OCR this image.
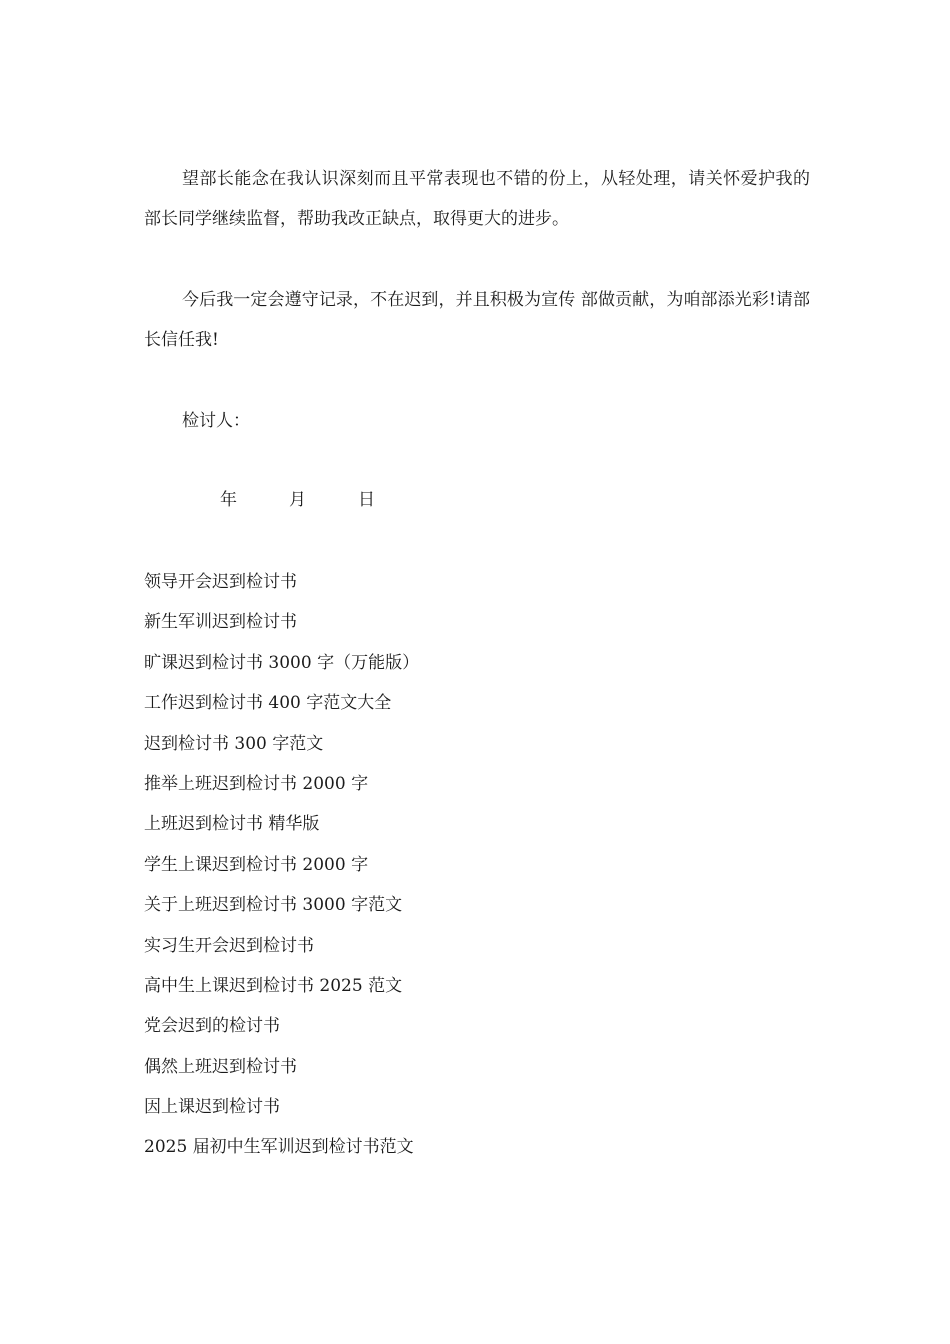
望部长能念在我认识深刻而且平常表现也不错的份上，从轻处理，请关怀爱护我的部长同学继续监督，帮助我改正缺点，取得更大的进步。

今后我一定会遵守记录，不在迟到，并且积极为宣传 部做贡献，为咱部添光彩!请部长信任我!

检讨人：

年	月	日

领导开会迟到检讨书
新生军训迟到检讨书
旷课迟到检讨书 3000 字（万能版）
工作迟到检讨书 400 字范文大全
迟到检讨书 300 字范文
推举上班迟到检讨书 2000 字
上班迟到检讨书 精华版
学生上课迟到检讨书 2000 字
关于上班迟到检讨书 3000 字范文
实习生开会迟到检讨书
高中生上课迟到检讨书 2025 范文
党会迟到的检讨书
偶然上班迟到检讨书
因上课迟到检讨书
2025 届初中生军训迟到检讨书范文
